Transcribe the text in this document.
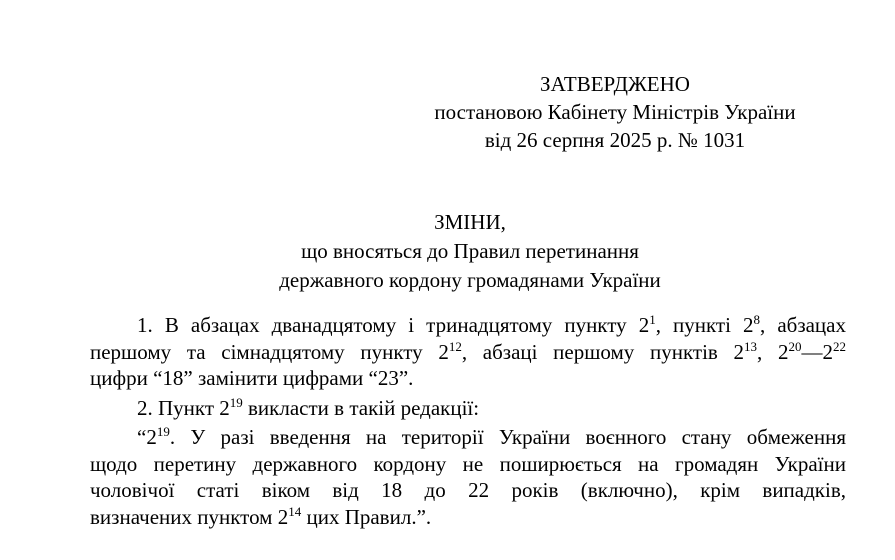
ЗАТВЕРДЖЕНО
постановою Кабінету Міністрів України
від 26 серпня 2025 р. № 1031
ЗМІНИ,
що вносяться до Правил перетинання
державного кордону громадянами України

1. В абзацах дванадцятому і тринадцятому пункту $2^1$, пункті $2^8$, абзацах
першому та сімнадцятому пункту $2^{12}$, абзаці першому пунктів $2^{13}$, $2^{20}—2^{22}$
цифри “18” замінити цифрами “23”.

2. Пункт $2^{19}$ викласти в такій редакції:

“$2^{19}$. У разі введення на території України воєнного стану обмеження
щодо перетину державного кордону не поширюється на громадян України
чоловічої статі віком від 18 до 22 років (включно), крім випадків,
визначених пунктом $2^{14}$ цих Правил.”.
